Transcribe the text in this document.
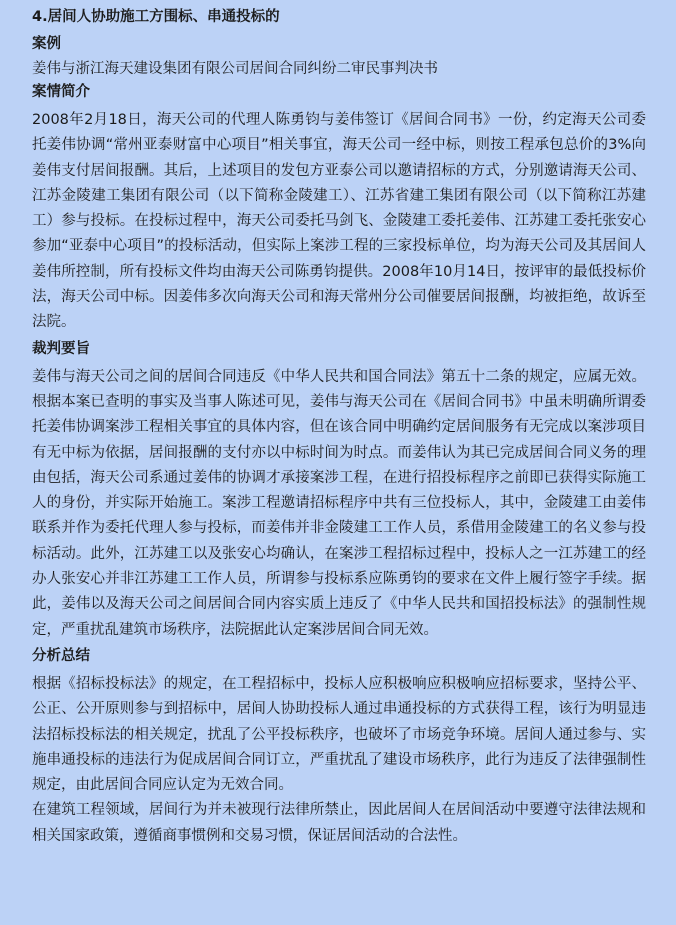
4.居间人协助施工方围标、串通投标的
案例
姜伟与浙江海天建设集团有限公司居间合同纠纷二审民事判决书
案情简介

2008年2月18日，海天公司的代理人陈勇钧与姜伟签订《居间合同书》一份，约定海天公司委托姜伟协调“常州亚泰财富中心项目”相关事宜，海天公司一经中标，则按工程承包总价的3%向姜伟支付居间报酬。其后，上述项目的发包方亚泰公司以邀请招标的方式，分别邀请海天公司、江苏金陵建工集团有限公司（以下简称金陵建工）、江苏省建工集团有限公司（以下简称江苏建工）参与投标。在投标过程中，海天公司委托马剑飞、金陵建工委托姜伟、江苏建工委托张安心参加“亚泰中心项目”的投标活动，但实际上案涉工程的三家投标单位，均为海天公司及其居间人姜伟所控制，所有投标文件均由海天公司陈勇钧提供。2008年10月14日，按评审的最低投标价法，海天公司中标。因姜伟多次向海天公司和海天常州分公司催要居间报酬，均被拒绝，故诉至法院。

裁判要旨

姜伟与海天公司之间的居间合同违反《中华人民共和国合同法》第五十二条的规定，应属无效。根据本案已查明的事实及当事人陈述可见，姜伟与海天公司在《居间合同书》中虽未明确所谓委托姜伟协调案涉工程相关事宜的具体内容，但在该合同中明确约定居间服务有无完成以案涉项目有无中标为依据，居间报酬的支付亦以中标时间为时点。而姜伟认为其已完成居间合同义务的理由包括，海天公司系通过姜伟的协调才承接案涉工程，在进行招投标程序之前即已获得实际施工人的身份，并实际开始施工。案涉工程邀请招标程序中共有三位投标人，其中，金陵建工由姜伟联系并作为委托代理人参与投标，而姜伟并非金陵建工工作人员，系借用金陵建工的名义参与投标活动。此外，江苏建工以及张安心均确认，在案涉工程招标过程中，投标人之一江苏建工的经办人张安心并非江苏建工工作人员，所谓参与投标系应陈勇钧的要求在文件上履行签字手续。据此，姜伟以及海天公司之间居间合同内容实质上违反了《中华人民共和国招投标法》的强制性规定，严重扰乱建筑市场秩序，法院据此认定案涉居间合同无效。

分析总结

根据《招标投标法》的规定，在工程招标中，投标人应积极响应积极响应招标要求，坚持公平、公正、公开原则参与到招标中，居间人协助投标人通过串通投标的方式获得工程，该行为明显违法招标投标法的相关规定，扰乱了公平投标秩序，也破坏了市场竞争环境。居间人通过参与、实施串通投标的违法行为促成居间合同订立，严重扰乱了建设市场秩序，此行为违反了法律强制性规定，由此居间合同应认定为无效合同。

在建筑工程领域，居间行为并未被现行法律所禁止，因此居间人在居间活动中要遵守法律法规和相关国家政策，遵循商事惯例和交易习惯，保证居间活动的合法性。
